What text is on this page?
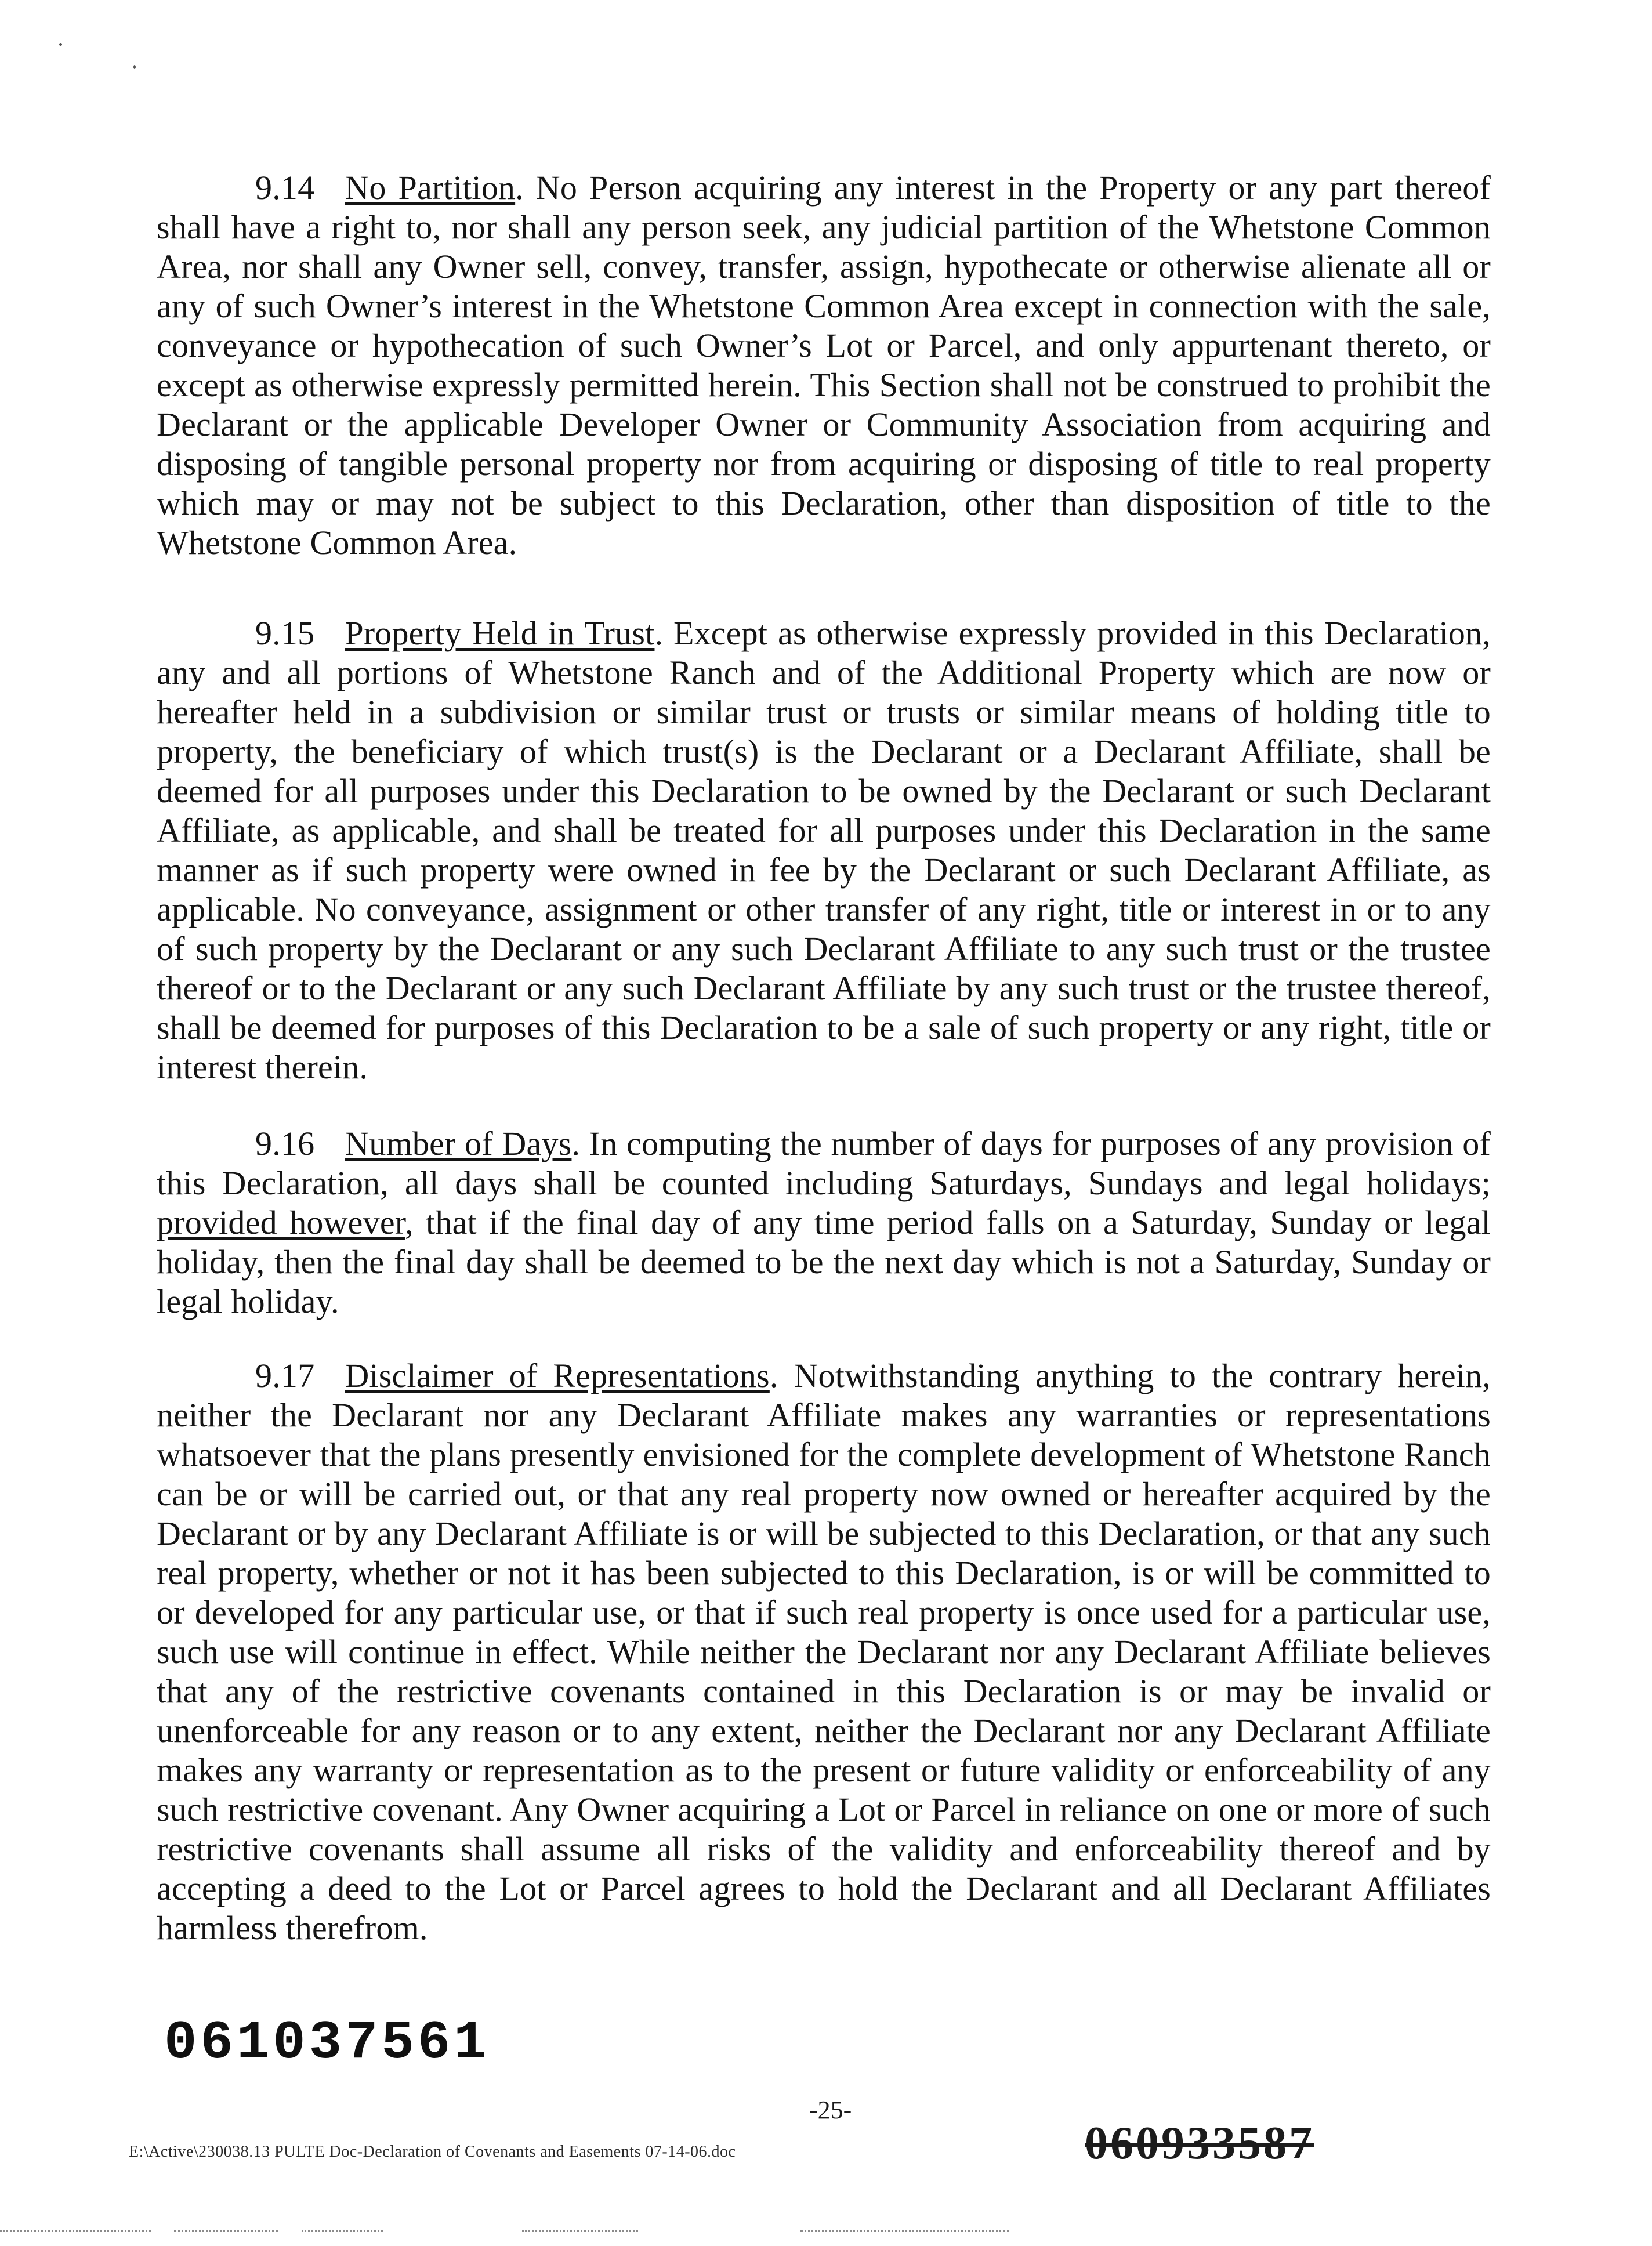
9.14 No Partition. No Person acquiring any interest in the Property or any part thereof shall have a right to, nor shall any person seek, any judicial partition of the Whetstone Common Area, nor shall any Owner sell, convey, transfer, assign, hypothecate or otherwise alienate all or any of such Owner’s interest in the Whetstone Common Area except in connection with the sale, conveyance or hypothecation of such Owner’s Lot or Parcel, and only appurtenant thereto, or except as otherwise expressly permitted herein. This Section shall not be construed to prohibit the Declarant or the applicable Developer Owner or Community Association from acquiring and disposing of tangible personal property nor from acquiring or disposing of title to real property which may or may not be subject to this Declaration, other than disposition of title to the Whetstone Common Area.

9.15 Property Held in Trust. Except as otherwise expressly provided in this Declaration, any and all portions of Whetstone Ranch and of the Additional Property which are now or hereafter held in a subdivision or similar trust or trusts or similar means of holding title to property, the beneficiary of which trust(s) is the Declarant or a Declarant Affiliate, shall be deemed for all purposes under this Declaration to be owned by the Declarant or such Declarant Affiliate, as applicable, and shall be treated for all purposes under this Declaration in the same manner as if such property were owned in fee by the Declarant or such Declarant Affiliate, as applicable. No conveyance, assignment or other transfer of any right, title or interest in or to any of such property by the Declarant or any such Declarant Affiliate to any such trust or the trustee thereof or to the Declarant or any such Declarant Affiliate by any such trust or the trustee thereof, shall be deemed for purposes of this Declaration to be a sale of such property or any right, title or interest therein.

9.16 Number of Days. In computing the number of days for purposes of any provision of this Declaration, all days shall be counted including Saturdays, Sundays and legal holidays; provided however, that if the final day of any time period falls on a Saturday, Sunday or legal holiday, then the final day shall be deemed to be the next day which is not a Saturday, Sunday or legal holiday.

9.17 Disclaimer of Representations. Notwithstanding anything to the contrary herein, neither the Declarant nor any Declarant Affiliate makes any warranties or representations whatsoever that the plans presently envisioned for the complete development of Whetstone Ranch can be or will be carried out, or that any real property now owned or hereafter acquired by the Declarant or by any Declarant Affiliate is or will be subjected to this Declaration, or that any such real property, whether or not it has been subjected to this Declaration, is or will be committed to or developed for any particular use, or that if such real property is once used for a particular use, such use will continue in effect. While neither the Declarant nor any Declarant Affiliate believes that any of the restrictive covenants contained in this Declaration is or may be invalid or unenforceable for any reason or to any extent, neither the Declarant nor any Declarant Affiliate makes any warranty or representation as to the present or future validity or enforceability of any such restrictive covenant. Any Owner acquiring a Lot or Parcel in reliance on one or more of such restrictive covenants shall assume all risks of the validity and enforceability thereof and by accepting a deed to the Lot or Parcel agrees to hold the Declarant and all Declarant Affiliates harmless therefrom.

061037561
-25-
E:\Active\230038.13 PULTE Doc-Declaration of Covenants and Easements 07-14-06.doc	060933587
